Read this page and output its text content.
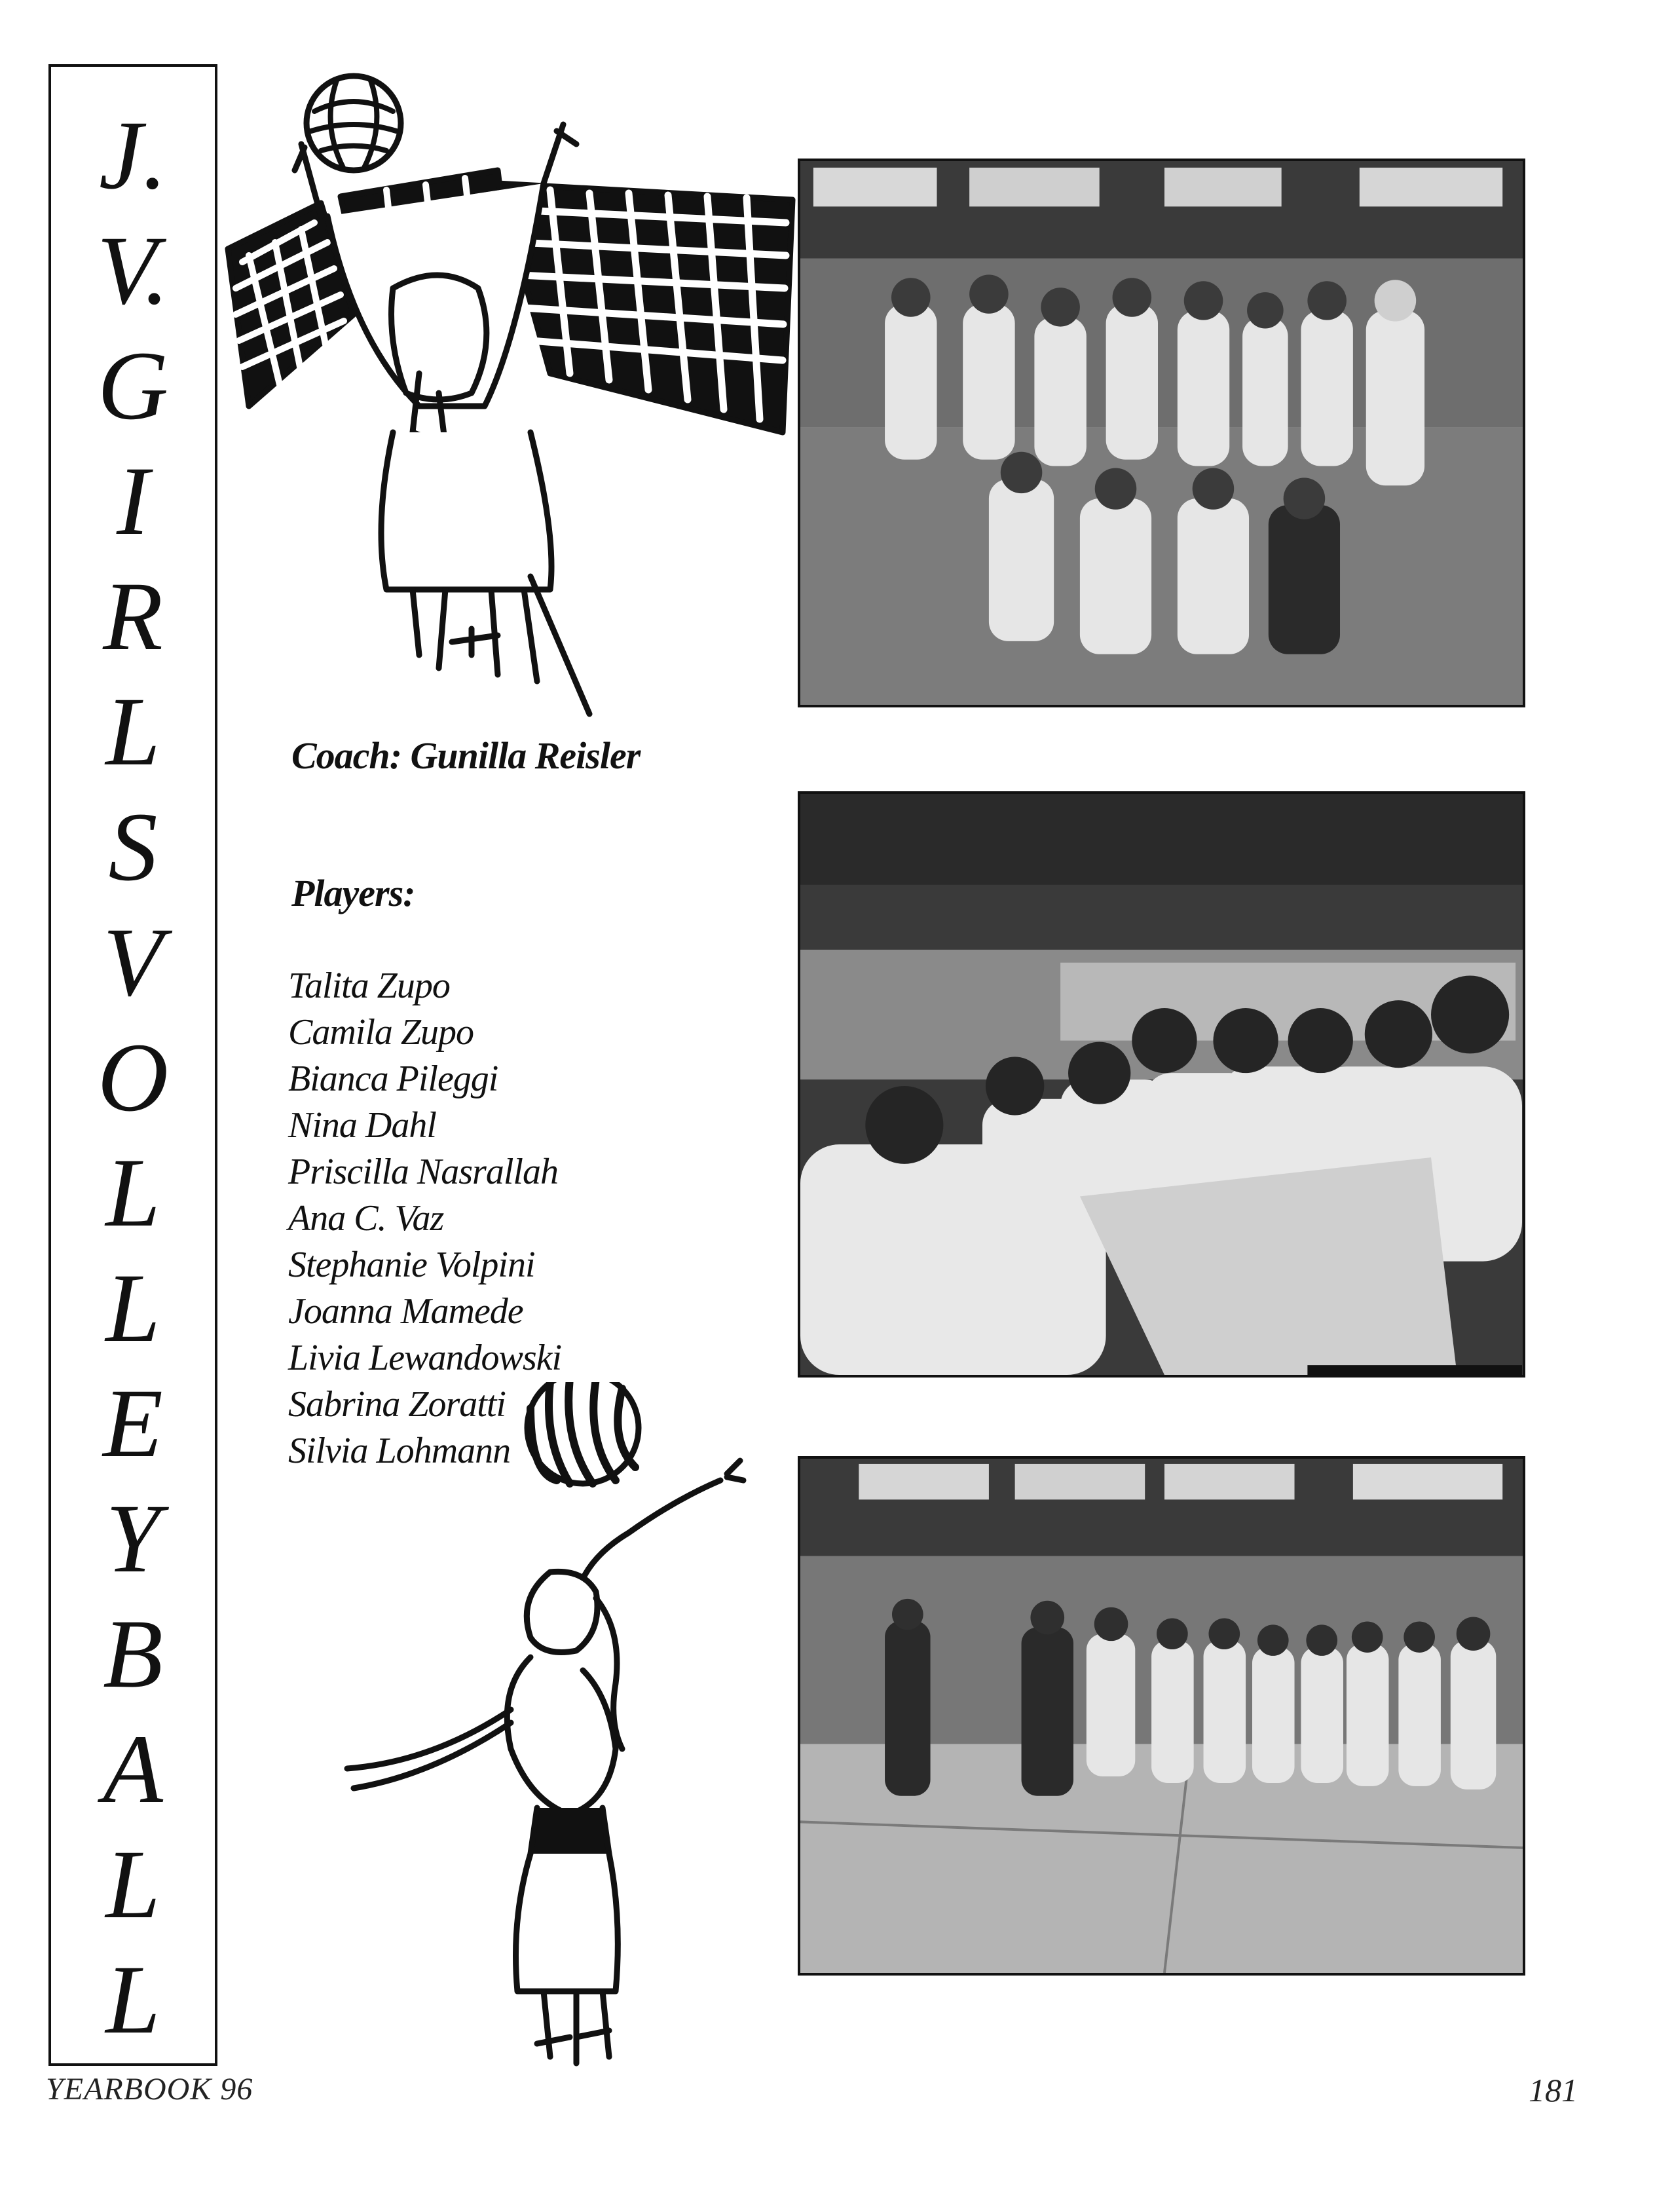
J.
V.
G
I
R
L
S
V
O
L
L
E
Y
B
A
L
L
Coach: Gunilla Reisler
Players:
Talita Zupo
Camila Zupo
Bianca Pileggi
Nina Dahl
Priscilla Nasrallah
Ana C. Vaz
Stephanie Volpini
Joanna Mamede
Livia Lewandowski
Sabrina Zoratti
Silvia Lohmann
YEARBOOK 96	181
